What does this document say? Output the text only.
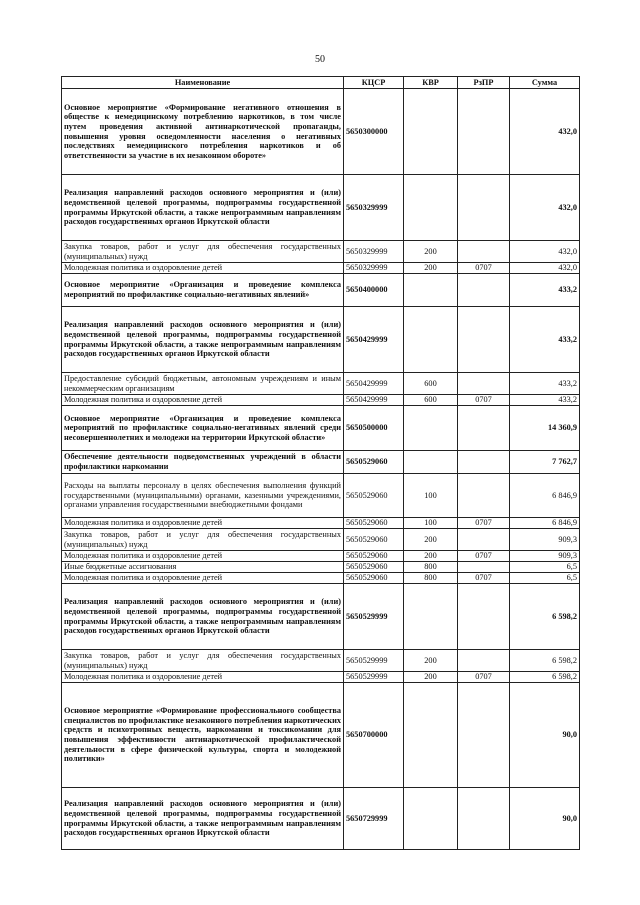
50
Наименование	КЦСР	КВР	РзПР	Сумма
Основное мероприятие «Формирование негативного отношения в обществе к немедицинскому потреблению наркотиков, в том числе путем проведения активной антинаркотической пропаганды, повышения уровня осведомленности населения о негативных последствиях немедицинского потребления наркотиков и об ответственности за участие в их незаконном обороте»	5650300000			432,0
Реализация направлений расходов основного мероприятия и (или) ведомственной целевой программы, подпрограммы государственной программы Иркутской области, а также непрограммным направлениям расходов государственных органов Иркутской области	5650329999			432,0
Закупка товаров, работ и услуг для обеспечения государственных (муниципальных) нужд	5650329999	200		432,0
Молодежная политика и оздоровление детей	5650329999	200	0707	432,0
Основное мероприятие «Организация и проведение комплекса мероприятий по профилактике социально-негативных явлений»	5650400000			433,2
Реализация направлений расходов основного мероприятия и (или) ведомственной целевой программы, подпрограммы государственной программы Иркутской области, а также непрограммным направлениям расходов государственных органов Иркутской области	5650429999			433,2
Предоставление субсидий бюджетным, автономным учреждениям и иным некоммерческим организациям	5650429999	600		433,2
Молодежная политика и оздоровление детей	5650429999	600	0707	433,2
Основное мероприятие «Организация и проведение комплекса мероприятий по профилактике социально-негативных явлений среди несовершеннолетних и молодежи на территории Иркутской области»	5650500000			14 360,9
Обеспечение деятельности подведомственных учреждений в области профилактики наркомании	5650529060			7 762,7
Расходы на выплаты персоналу в целях обеспечения выполнения функций государственными (муниципальными) органами, казенными учреждениями, органами управления государственными внебюджетными фондами	5650529060	100		6 846,9
Молодежная политика и оздоровление детей	5650529060	100	0707	6 846,9
Закупка товаров, работ и услуг для обеспечения государственных (муниципальных) нужд	5650529060	200		909,3
Молодежная политика и оздоровление детей	5650529060	200	0707	909,3
Иные бюджетные ассигнования	5650529060	800		6,5
Молодежная политика и оздоровление детей	5650529060	800	0707	6,5
Реализация направлений расходов основного мероприятия и (или) ведомственной целевой программы, подпрограммы государственной программы Иркутской области, а также непрограммным направлениям расходов государственных органов Иркутской области	5650529999			6 598,2
Закупка товаров, работ и услуг для обеспечения государственных (муниципальных) нужд	5650529999	200		6 598,2
Молодежная политика и оздоровление детей	5650529999	200	0707	6 598,2
Основное мероприятие «Формирование профессионального сообщества специалистов по профилактике незаконного потребления наркотических средств и психотропных веществ, наркомании и токсикомании для повышения эффективности антинаркотической профилактической деятельности в сфере физической культуры, спорта и молодежной политики»	5650700000			90,0
Реализация направлений расходов основного мероприятия и (или) ведомственной целевой программы, подпрограммы государственной программы Иркутской области, а также непрограммным направлениям расходов государственных органов Иркутской области	5650729999			90,0
